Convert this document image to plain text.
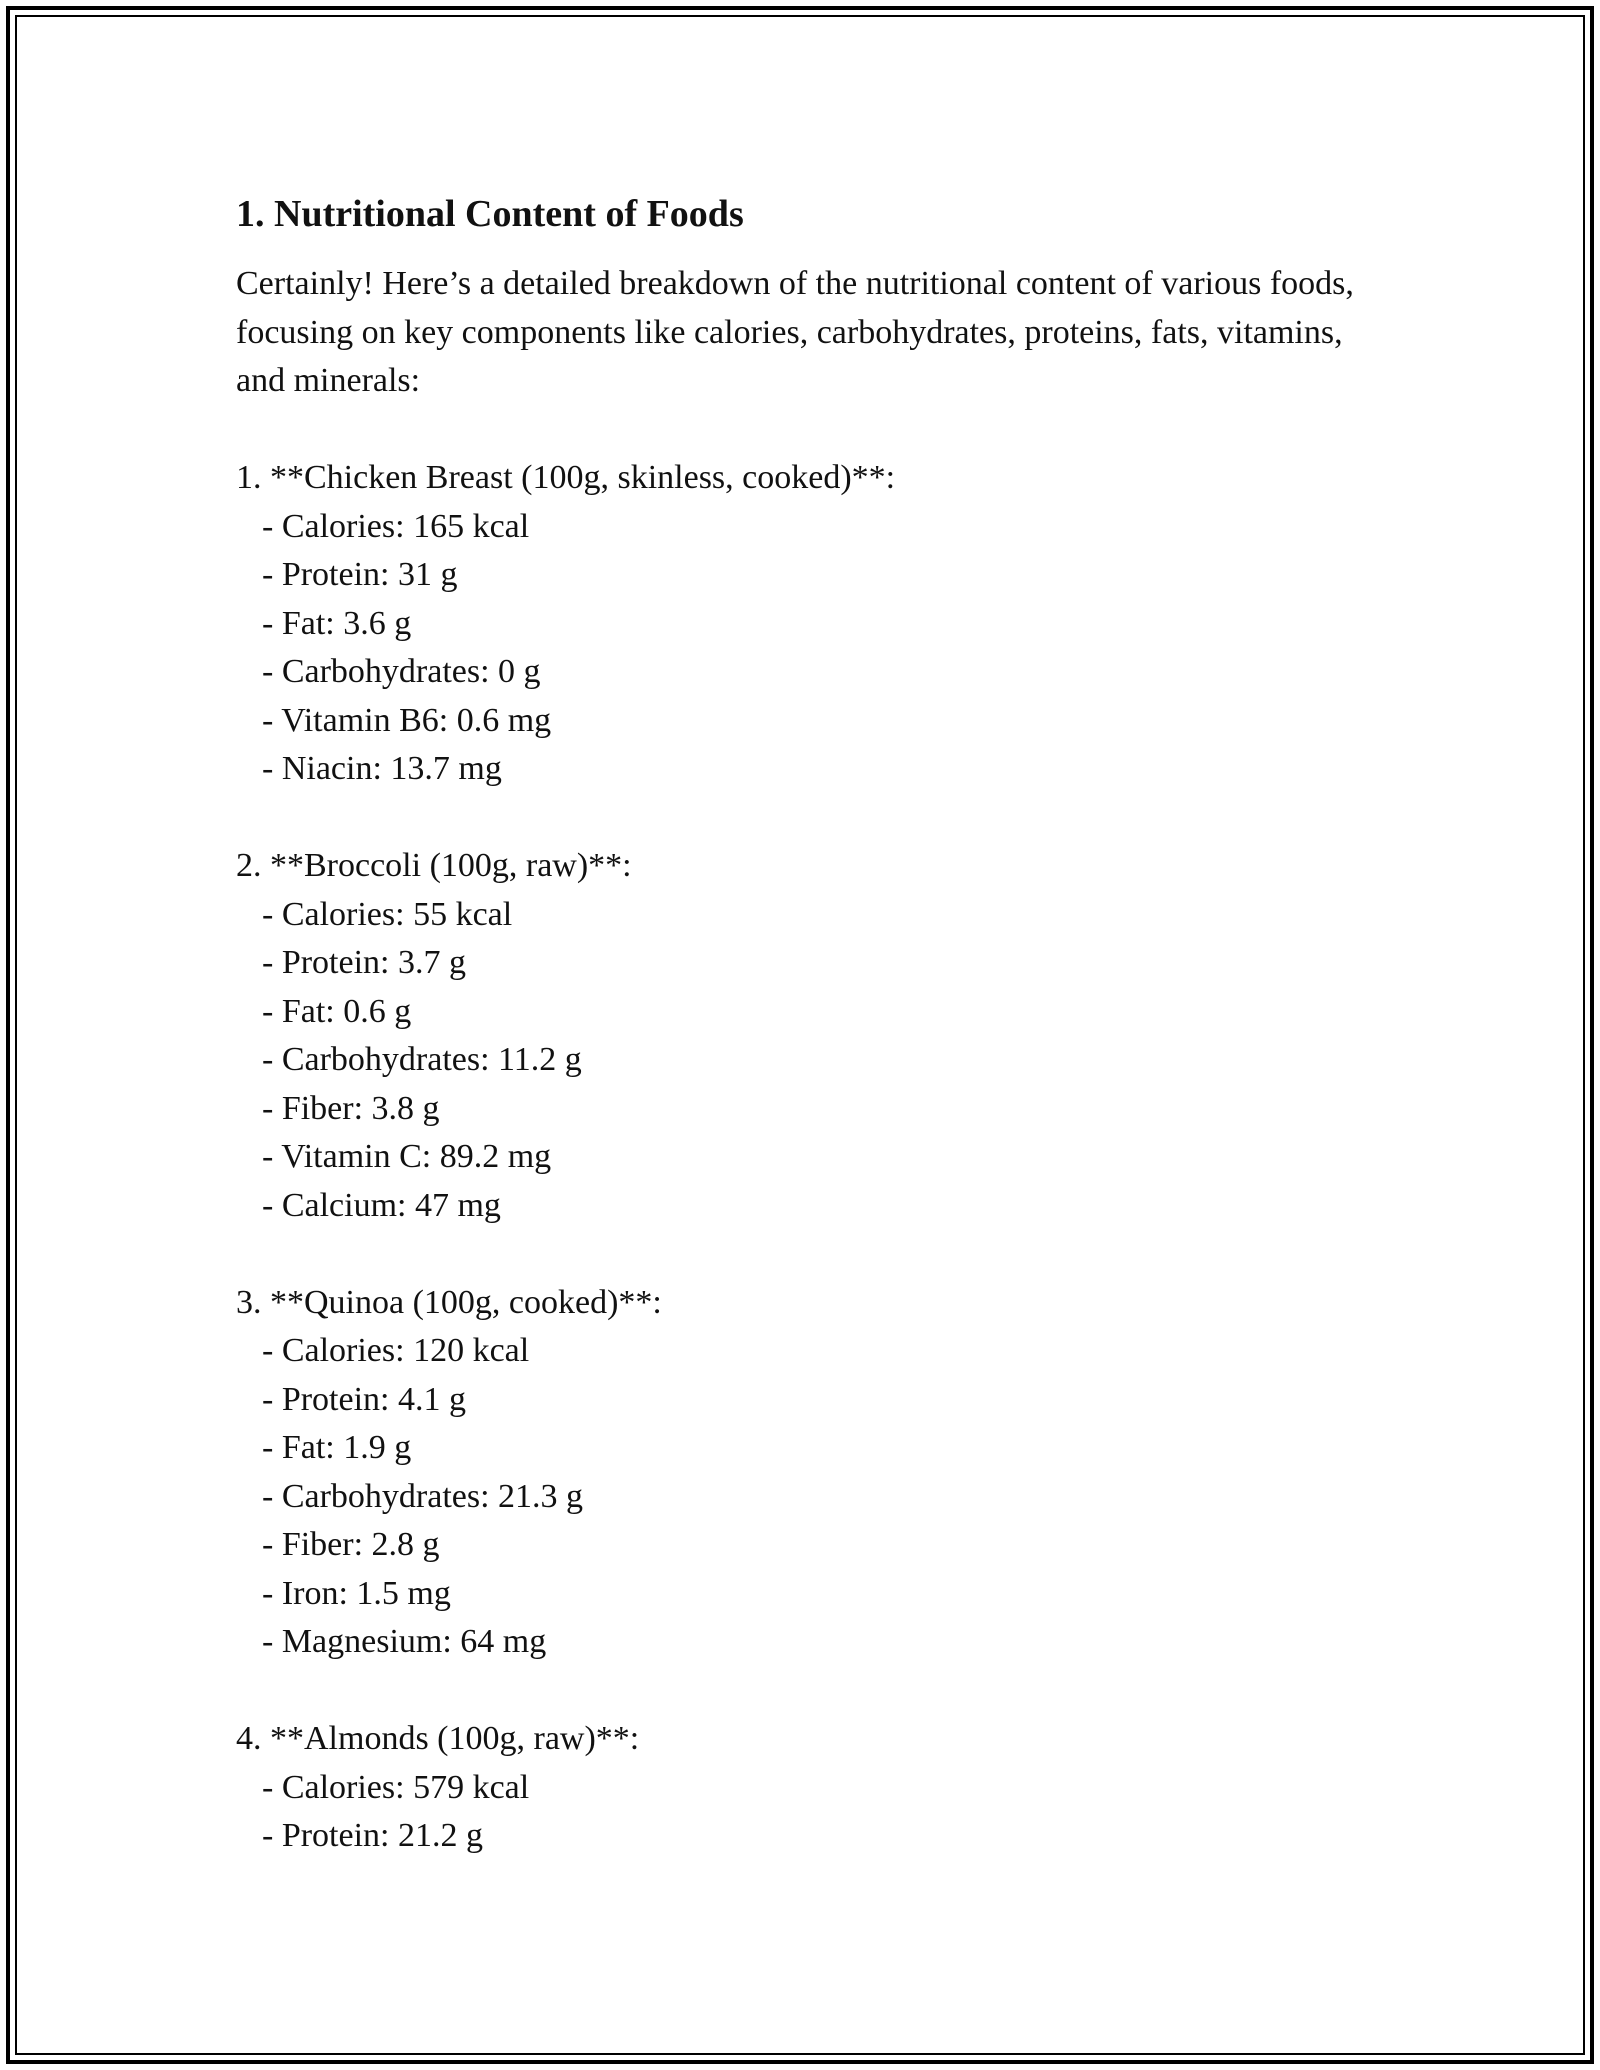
1. Nutritional Content of Foods

Certainly! Here’s a detailed breakdown of the nutritional content of various foods, focusing on key components like calories, carbohydrates, proteins, fats, vitamins, and minerals:

1. **Chicken Breast (100g, skinless, cooked)**:
- Calories: 165 kcal
- Protein: 31 g
- Fat: 3.6 g
- Carbohydrates: 0 g
- Vitamin B6: 0.6 mg
- Niacin: 13.7 mg
2. **Broccoli (100g, raw)**:
- Calories: 55 kcal
- Protein: 3.7 g
- Fat: 0.6 g
- Carbohydrates: 11.2 g
- Fiber: 3.8 g
- Vitamin C: 89.2 mg
- Calcium: 47 mg
3. **Quinoa (100g, cooked)**:
- Calories: 120 kcal
- Protein: 4.1 g
- Fat: 1.9 g
- Carbohydrates: 21.3 g
- Fiber: 2.8 g
- Iron: 1.5 mg
- Magnesium: 64 mg
4. **Almonds (100g, raw)**:
- Calories: 579 kcal
- Protein: 21.2 g
